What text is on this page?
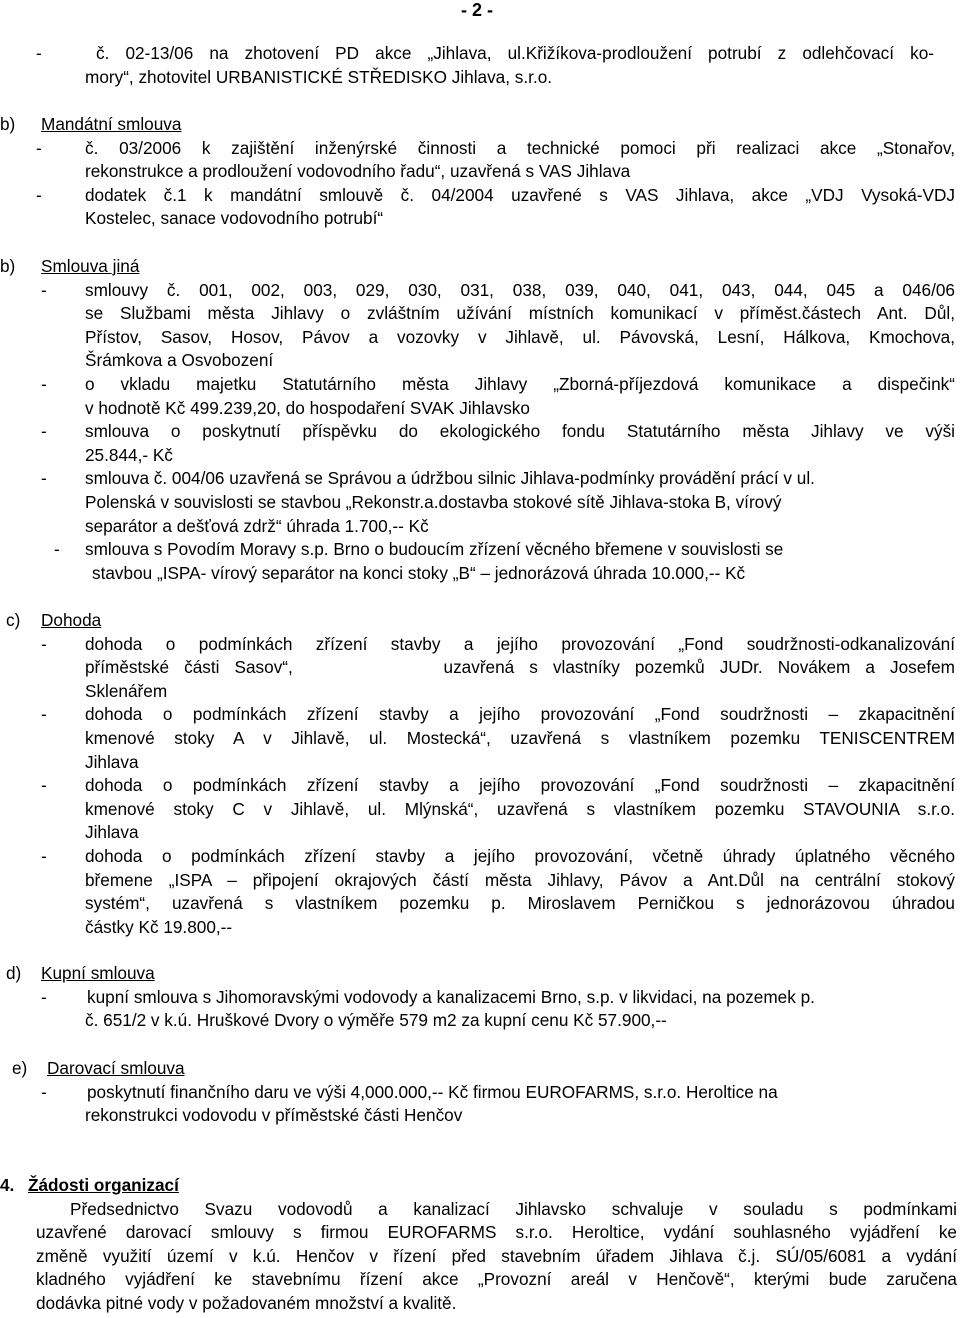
- 2 -
-	č. 02-13/06 na zhotovení PD akce „Jihlava, ul.Křižíkova-prodloužení potrubí z odlehčovací ko-
mory“, zhotovitel URBANISTICKÉ STŘEDISKO Jihlava, s.r.o.
b) Mandátní smlouva
-	č. 03/2006 k zajištění inženýrské činnosti a technické pomoci při realizaci akce „Stonařov,
rekonstrukce a prodloužení vodovodního řadu“, uzavřená s VAS Jihlava
-	dodatek č.1 k mandátní smlouvě č. 04/2004 uzavřené s VAS Jihlava, akce „VDJ Vysoká-VDJ
Kostelec, sanace vodovodního potrubí“
b) Smlouva jiná
- smlouvy č. 001, 002, 003, 029, 030, 031, 038, 039, 040, 041, 043, 044, 045 a 046/06
se Službami města Jihlavy o zvláštním užívání místních komunikací v příměst.částech Ant. Důl,
Přístov, Sasov, Hosov, Pávov a vozovky v Jihlavě, ul. Pávovská, Lesní, Hálkova, Kmochova,
Šrámkova a Osvobození
- o vkladu majetku Statutárního města Jihlavy „Zborná-příjezdová komunikace a dispečink“
v hodnotě Kč 499.239,20, do hospodaření SVAK Jihlavsko
- smlouva o poskytnutí příspěvku do ekologického fondu Statutárního města Jihlavy ve výši
25.844,- Kč
- smlouva č. 004/06 uzavřená se Správou a údržbou silnic Jihlava-podmínky provádění prácí v ul.
Polenská v souvislosti se stavbou „Rekonstr.a.dostavba stokové sítě Jihlava-stoka B, vírový
separátor a dešťová zdrž“ úhrada 1.700,-- Kč
- smlouva s Povodím Moravy s.p. Brno o budoucím zřízení věcného břemene v souvislosti se
stavbou „ISPA- vírový separátor na konci stoky „B“ – jednorázová úhrada 10.000,-- Kč
c) Dohoda
- dohoda o podmínkách zřízení stavby a jejího provozování „Fond soudržnosti-odkanalizování
příměstské části Sasov“,          uzavřená s vlastníky pozemků JUDr. Novákem a Josefem
Sklenářem
- dohoda o podmínkách zřízení stavby a jejího provozování „Fond soudržnosti – zkapacitnění
kmenové stoky A v Jihlavě, ul. Mostecká“, uzavřená s vlastníkem pozemku TENISCENTREM
Jihlava
- dohoda o podmínkách zřízení stavby a jejího provozování „Fond soudržnosti – zkapacitnění
kmenové stoky C v Jihlavě, ul. Mlýnská“, uzavřená s vlastníkem pozemku STAVOUNIA s.r.o.
Jihlava
- dohoda o podmínkách zřízení stavby a jejího provozování, včetně úhrady úplatného věcného
břemene „ISPA – připojení okrajových částí města Jihlavy, Pávov a Ant.Důl na centrální stokový
systém“, uzavřená s vlastníkem pozemku p. Miroslavem Perničkou s jednorázovou úhradou
částky Kč 19.800,--
d) Kupní smlouva
- kupní smlouva s Jihomoravskými vodovody a kanalizacemi Brno, s.p. v likvidaci, na pozemek p.
č. 651/2 v k.ú. Hruškové Dvory o výměře 579 m2 za kupní cenu Kč 57.900,--
e) Darovací smlouva
- poskytnutí finančního daru ve výši 4,000.000,-- Kč firmou EUROFARMS, s.r.o. Heroltice na
rekonstrukci vodovodu v příměstské části Henčov
4. Žádosti organizací
Předsednictvo Svazu vodovodů a kanalizací Jihlavsko schvaluje v souladu s podmínkami
uzavřené darovací smlouvy s firmou EUROFARMS s.r.o. Heroltice, vydání souhlasného vyjádření ke
změně využití území v k.ú. Henčov v řízení před stavebním úřadem Jihlava č.j. SÚ/05/6081 a vydání
kladného vyjádření ke stavebnímu řízení akce „Provozní areál v Henčově“, kterými bude zaručena
dodávka pitné vody v požadovaném množství a kvalitě.
